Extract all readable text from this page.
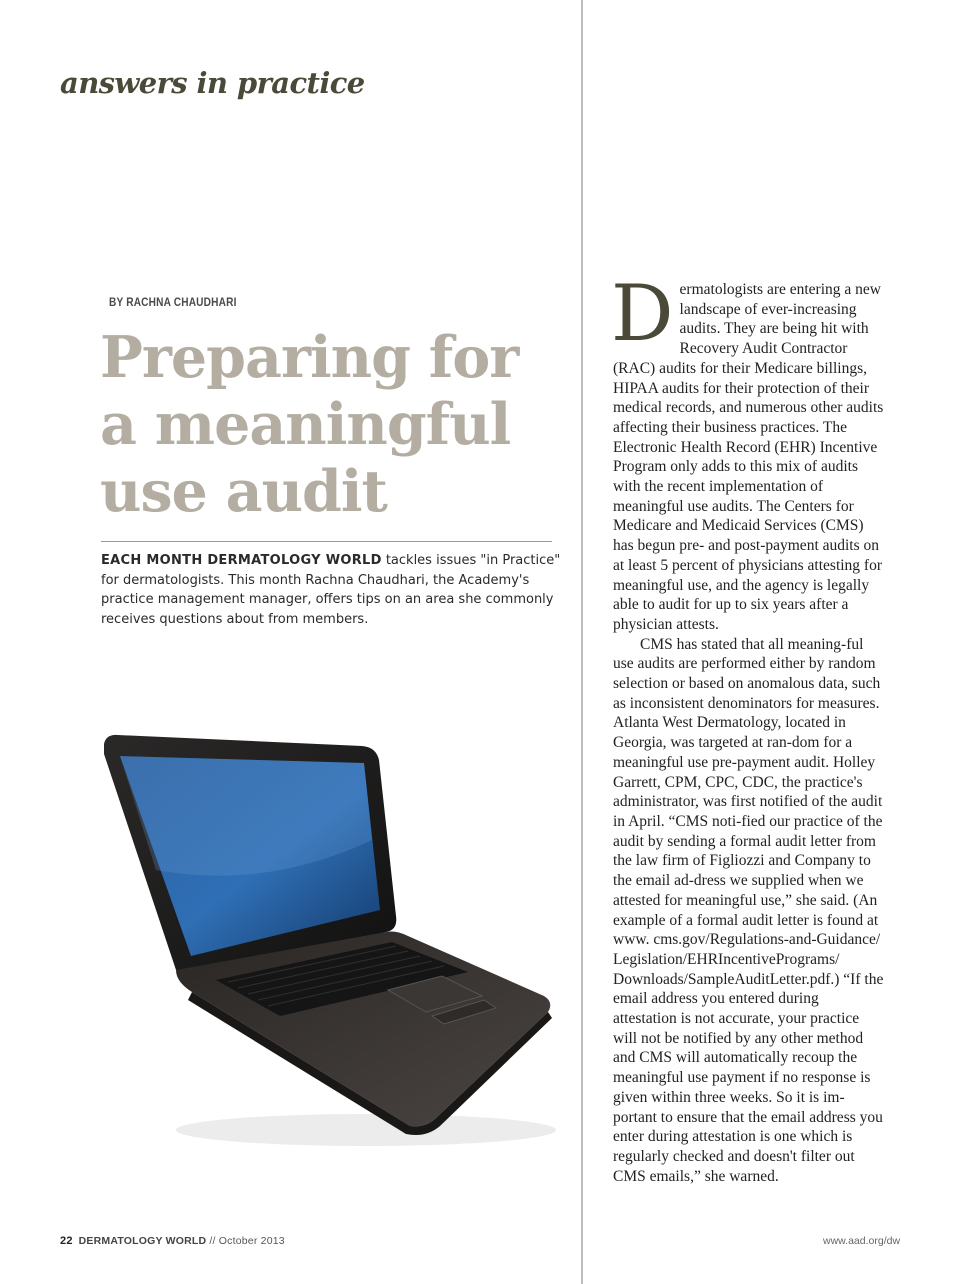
answers in practice
BY RACHNA CHAUDHARI
Preparing for
a meaningful
use audit
EACH MONTH DERMATOLOGY WORLD tackles issues "in Practice" for dermatologists. This month Rachna Chaudhari, the Academy's practice management manager, offers tips on an area she commonly receives questions about from members.

Dermatologists are entering a new landscape of ever-increasing audits. They are being hit with Recovery Audit Contractor (RAC) audits for their Medicare billings, HIPAA audits for their protection of their medical records, and numerous other audits affecting their business practices. The Electronic Health Record (EHR) Incentive Program only adds to this mix of audits with the recent implementation of meaningful use audits. The Centers for Medicare and Medicaid Services (CMS) has begun pre- and post-payment audits on at least 5 percent of physicians attesting for meaningful use, and the agency is legally able to audit for up to six years after a physician attests.

CMS has stated that all meaning-ful use audits are performed either by random selection or based on anomalous data, such as inconsistent denominators for measures. Atlanta West Dermatology, located in Georgia, was targeted at ran-dom for a meaningful use pre-payment audit. Holley Garrett, CPM, CPC, CDC, the practice's administrator, was first notified of the audit in April. “CMS noti-fied our practice of the audit by sending a formal audit letter from the law firm of Figliozzi and Company to the email ad-dress we supplied when we attested for meaningful use,” she said. (An example of a formal audit letter is found at www. cms.gov/Regulations-and-Guidance/ Legislation/EHRIncentivePrograms/ Downloads/SampleAuditLetter.pdf.) “If the email address you entered during attestation is not accurate, your practice will not be notified by any other method and CMS will automatically recoup the meaningful use payment if no response is given within three weeks. So it is im-portant to ensure that the email address you enter during attestation is one which is regularly checked and doesn't filter out CMS emails,” she warned.

22 DERMATOLOGY WORLD // October 2013	www.aad.org/dw
